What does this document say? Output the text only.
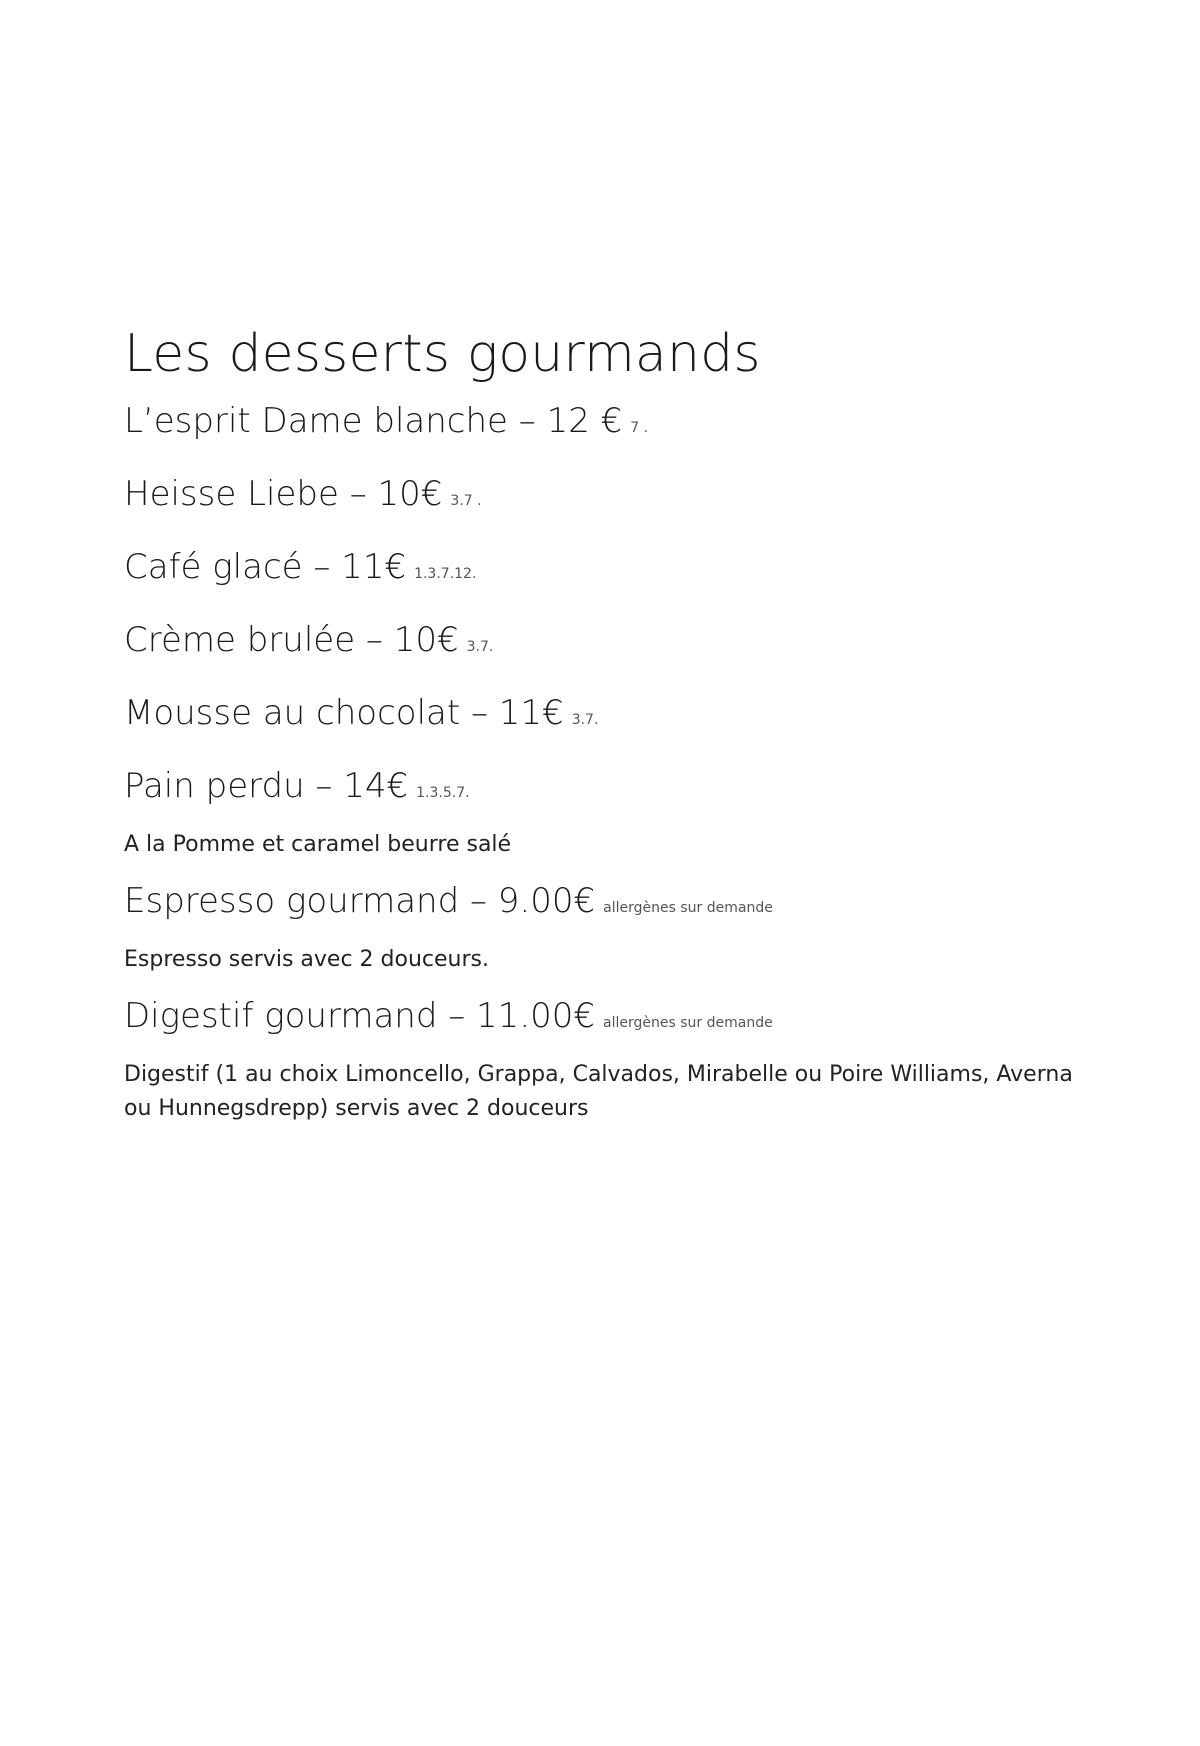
Les desserts gourmands
L’esprit Dame blanche – 12 € 7 .
Heisse Liebe – 10€ 3.7 .
Café glacé – 11€ 1.3.7.12.
Crème brulée – 10€ 3.7.
Mousse au chocolat – 11€ 3.7.
Pain perdu – 14€ 1.3.5.7.
A la Pomme et caramel beurre salé
Espresso gourmand – 9.00€ allergènes sur demande
Espresso servis avec 2 douceurs.
Digestif gourmand – 11.00€ allergènes sur demande
Digestif (1 au choix Limoncello, Grappa, Calvados, Mirabelle ou Poire Williams, Averna ou Hunnegsdrepp) servis avec 2 douceurs
